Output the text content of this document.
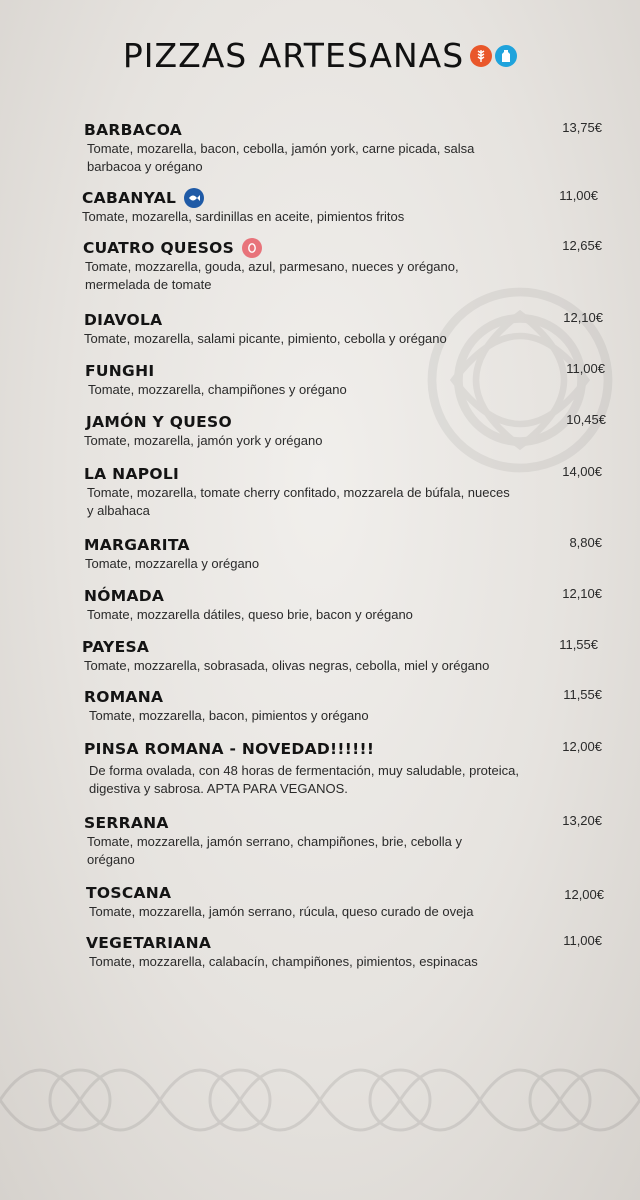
PIZZAS ARTESANAS
BARBACOA
Tomate, mozarella, bacon, cebolla, jamón york, carne picada, salsa barbacoa y orégano
13,75€
CABANYAL
Tomate, mozarella, sardinillas en aceite, pimientos fritos
11,00€
CUATRO QUESOS
Tomate, mozzarella, gouda, azul, parmesano, nueces y orégano, mermelada de tomate
12,65€
DIAVOLA
Tomate, mozarella, salami picante, pimiento, cebolla y orégano
12,10€
FUNGHI
Tomate, mozzarella, champiñones y orégano
11,00€
JAMÓN Y QUESO
Tomate, mozarella, jamón york y orégano
10,45€
LA NAPOLI
Tomate, mozarella, tomate cherry confitado, mozzarela de búfala, nueces y albahaca
14,00€
MARGARITA
Tomate, mozzarella y orégano
8,80€
NÓMADA
Tomate, mozzarella dátiles, queso brie, bacon y orégano
12,10€
PAYESA
Tomate, mozzarella, sobrasada, olivas negras, cebolla, miel y orégano
11,55€
ROMANA
Tomate, mozzarella, bacon, pimientos y orégano
11,55€
PINSA ROMANA - NOVEDAD!!!!!!
De forma ovalada, con 48 horas de fermentación, muy saludable, proteica, digestiva y sabrosa. APTA PARA VEGANOS.
12,00€
SERRANA
Tomate, mozzarella, jamón serrano, champiñones, brie, cebolla y orégano
13,20€
TOSCANA
Tomate, mozzarella, jamón serrano, rúcula, queso curado de oveja
12,00€
VEGETARIANA
Tomate, mozzarella, calabacín, champiñones, pimientos, espinacas
11,00€
